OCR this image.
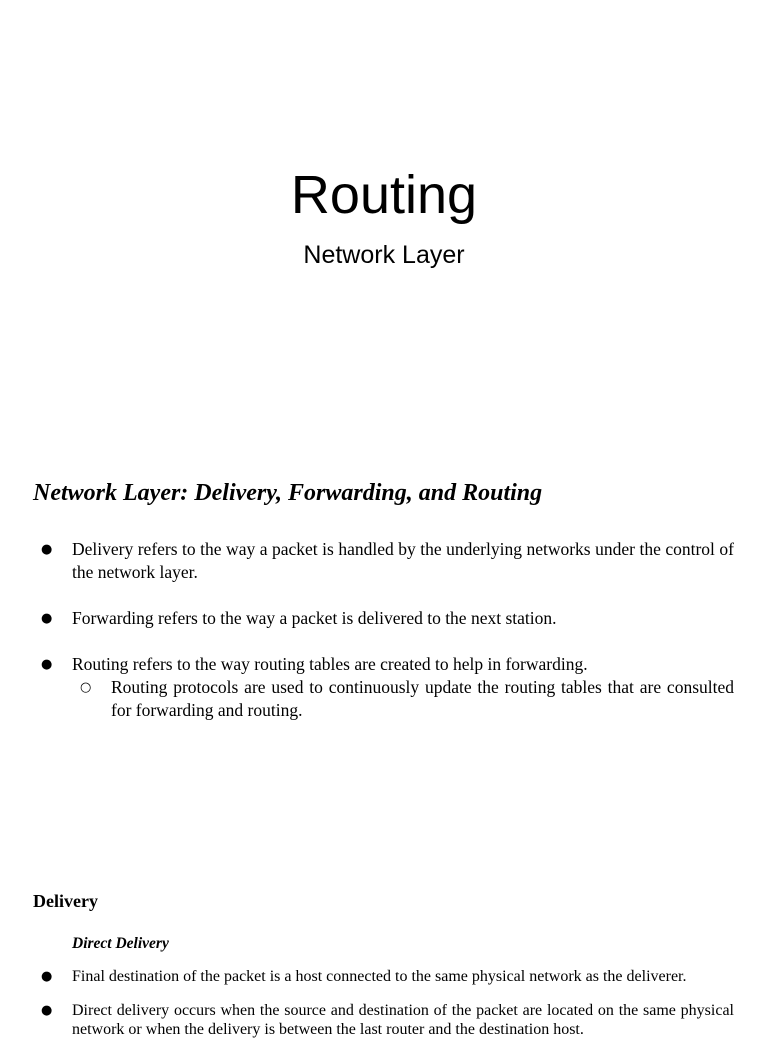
Routing
Network Layer
Network Layer: Delivery, Forwarding, and Routing
● Delivery refers to the way a packet is handled by the underlying networks under the control of the network layer.
● Forwarding refers to the way a packet is delivered to the next station.
● Routing refers to the way routing tables are created to help in forwarding.
○ Routing protocols are used to continuously update the routing tables that are consulted for forwarding and routing.
Delivery
Direct Delivery
● Final destination of the packet is a host connected to the same physical network as the deliverer.
● Direct delivery occurs when the source and destination of the packet are located on the same physical network or when the delivery is between the last router and the destination host.
